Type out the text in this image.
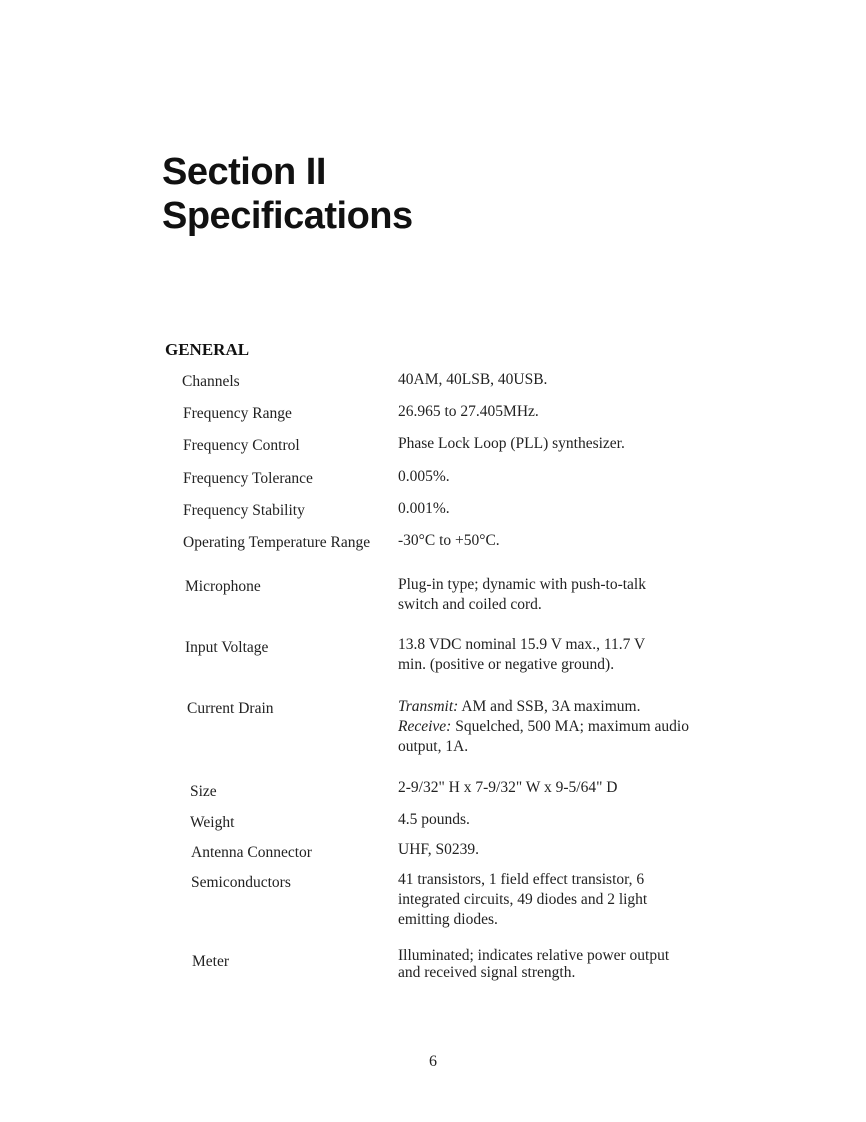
Section II
Specifications
GENERAL
Channels	40AM, 40LSB, 40USB.
Frequency Range	26.965 to 27.405MHz.
Frequency Control	Phase Lock Loop (PLL) synthesizer.
Frequency Tolerance	0.005%.
Frequency Stability	0.001%.
Operating Temperature Range -30°C to +50°C.
Microphone	Plug-in type; dynamic with push-to-talk
switch and coiled cord.
Input Voltage	13.8 VDC nominal 15.9 V max., 11.7 V
min. (positive or negative ground).
Current Drain	Transmit: AM and SSB, 3A maximum.
Receive: Squelched, 500 MA; maximum audio
output, 1A.
Size	2-9/32" H x 7-9/32" W x 9-5/64" D
Weight	4.5 pounds.
Antenna Connector	UHF, S0239.
Semiconductors	41 transistors, 1 field effect transistor, 6
integrated circuits, 49 diodes and 2 light
emitting diodes.
Meter	Illuminated; indicates relative power output
and received signal strength.
6
